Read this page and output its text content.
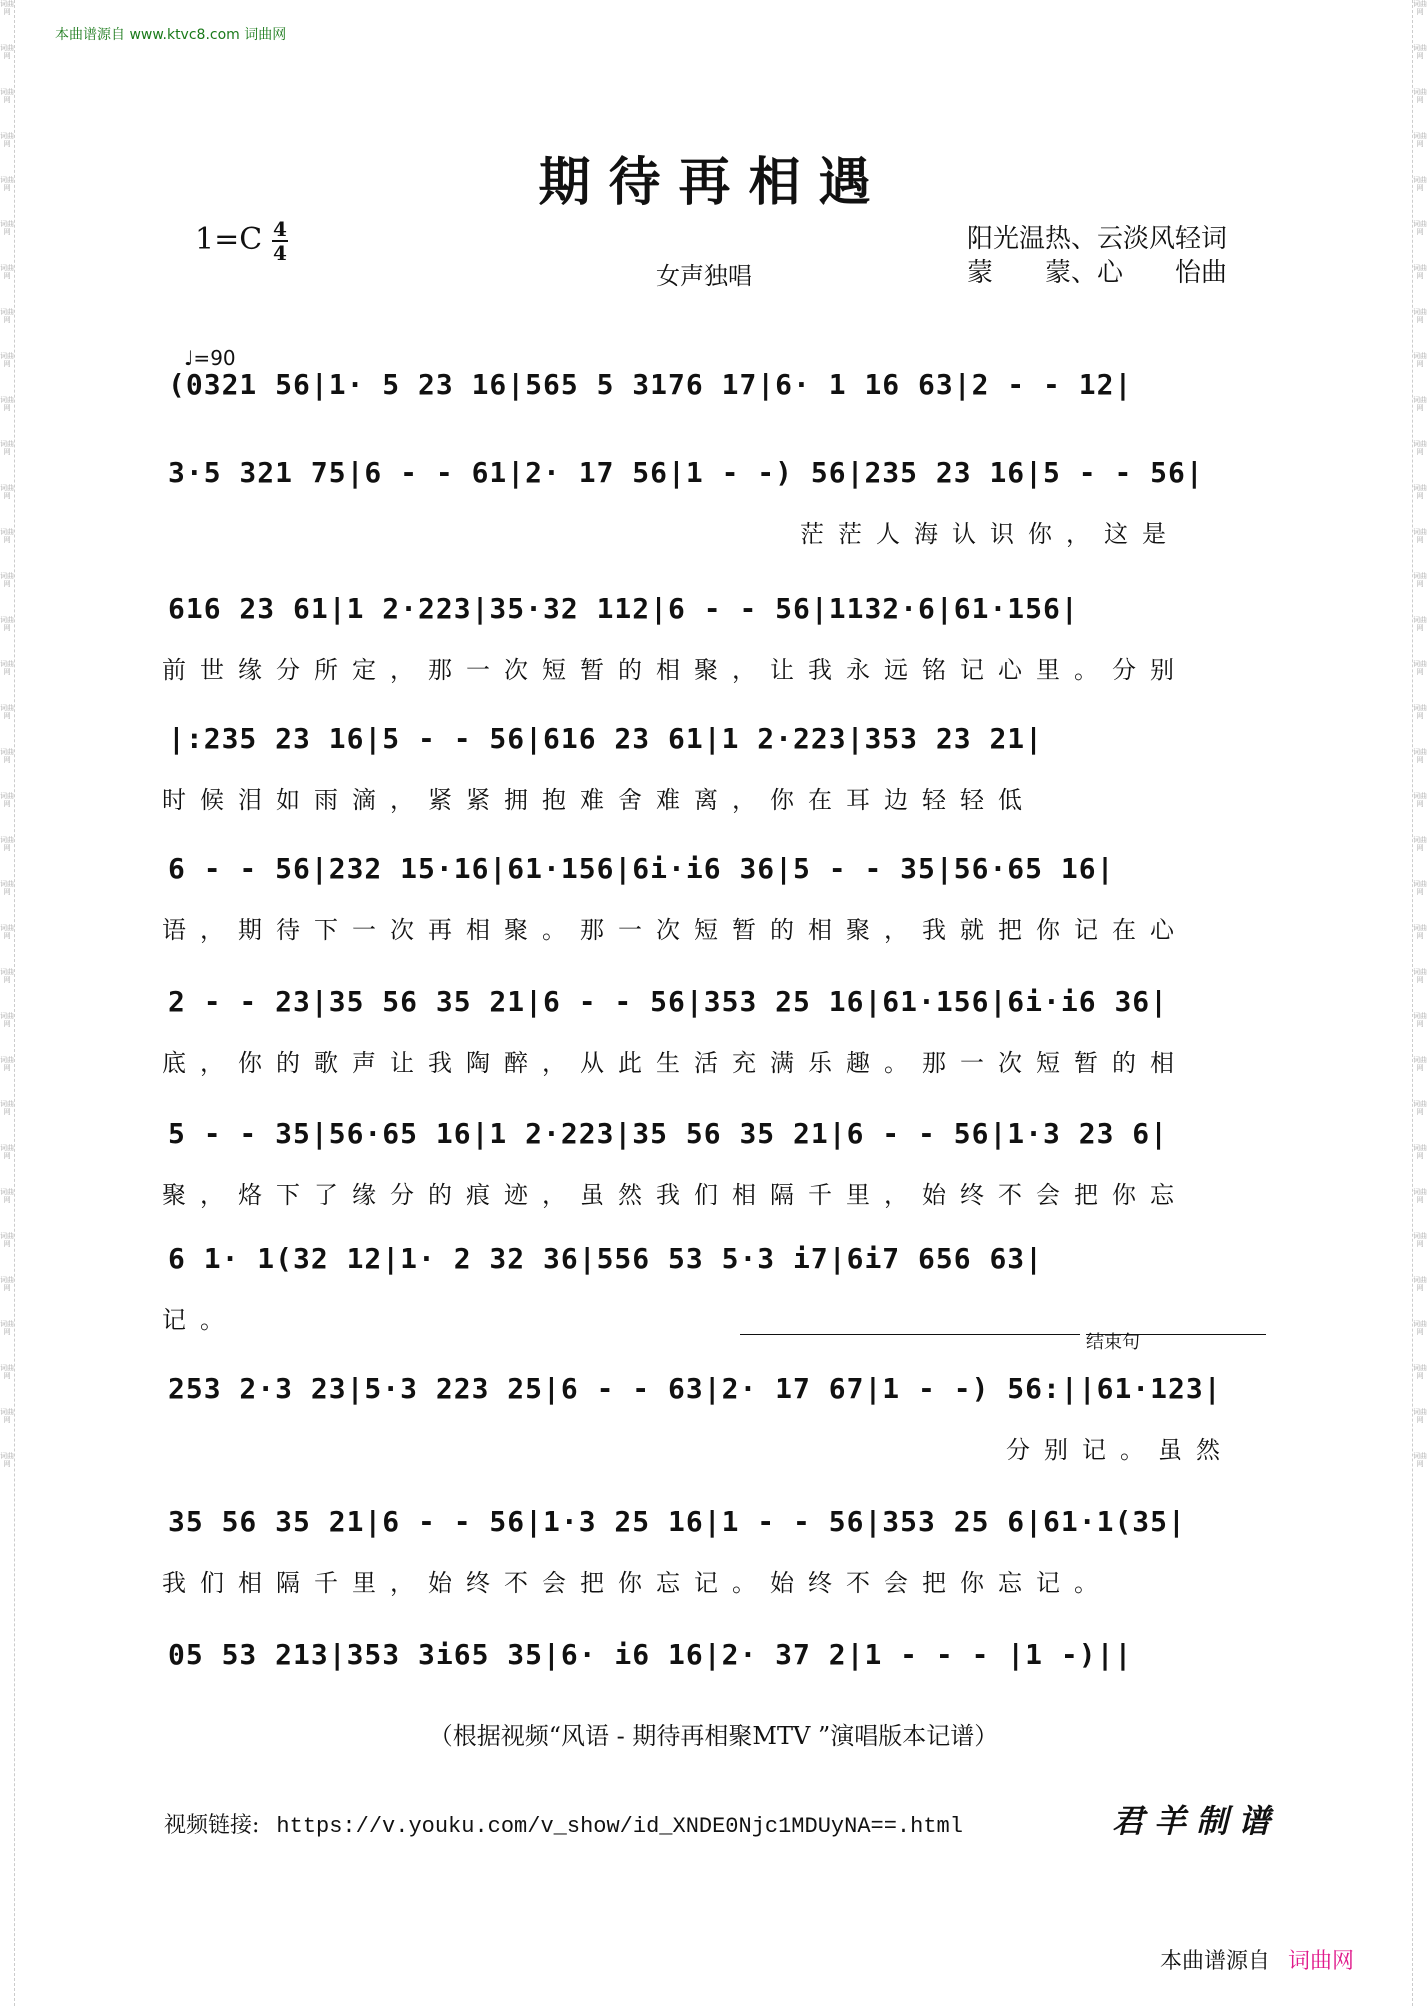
词曲网
词曲网
词曲网
词曲网
词曲网
词曲网
词曲网
词曲网
词曲网
词曲网
词曲网
词曲网
词曲网
词曲网
词曲网
词曲网
词曲网
词曲网
词曲网
词曲网
词曲网
词曲网
词曲网
词曲网
词曲网
词曲网
词曲网
词曲网
词曲网
词曲网
词曲网
词曲网
词曲网
词曲网
词曲网
词曲网
词曲网
词曲网
词曲网
词曲网
词曲网
词曲网
词曲网
词曲网
词曲网
词曲网
词曲网
词曲网
词曲网
词曲网
词曲网
词曲网
词曲网
词曲网
词曲网
词曲网
词曲网
词曲网
词曲网
词曲网
词曲网
词曲网
词曲网
词曲网
词曲网
词曲网
词曲网
词曲网
本曲谱源自 www.ktvc8.com 词曲网
期待再相遇
1=C 4
4
女声独唱
阳光温热、云淡风轻词
蒙　　蒙、心　　怡曲
♩=90
(0321 56|1· 5 23 16|565 5 3176 17|6· 1 16 63|2 - - 12|
3·5 321 75|6 - - 61|2· 17 56|1 - -) 56|235 23 16|5 - - 56|
茫茫人海认识你，这是
616 23 61|1 2·223|35·32 112|6 - - 56|1132·6|61·156|
前世缘分所定，那一次短暂的相聚，让我永远铭记心里。分别
|:235 23 16|5 - - 56|616 23 61|1 2·223|353 23 21|
时候泪如雨滴，紧紧拥抱难舍难离，你在耳边轻轻低
6 - - 56|232 15·16|61·156|6i·i6 36|5 - - 35|56·65 16|
语，期待下一次再相聚。那一次短暂的相聚，我就把你记在心
2 - - 23|35 56 35 21|6 - - 56|353 25 16|61·156|6i·i6 36|
底，你的歌声让我陶醉，从此生活充满乐趣。那一次短暂的相
5 - - 35|56·65 16|1 2·223|35 56 35 21|6 - - 56|1·3 23 6|
聚，烙下了缘分的痕迹，虽然我们相隔千里，始终不会把你忘
6 1· 1(32 12|1· 2 32 36|556 53 5·3 i7|6i7 656 63|
记。
253 2·3 23|5·3 223 25|6 - - 63|2· 17 67|1 - -) 56:||61·123|
分别记。虽然
35 56 35 21|6 - - 56|1·3 25 16|1 - - 56|353 25 6|61·1(35|
我们相隔千里，始终不会把你忘记。始终不会把你忘记。
05 53 213|353 3i65 35|6· i6 16|2· 37 2|1 - - - |1 -)||
结束句
（根据视频“风语 - 期待再相聚MTV ”演唱版本记谱）
视频链接: https://v.youku.com/v_show/id_XNDE0Njc1MDUyNA==.html	君羊制谱
本曲谱源自 词曲网
